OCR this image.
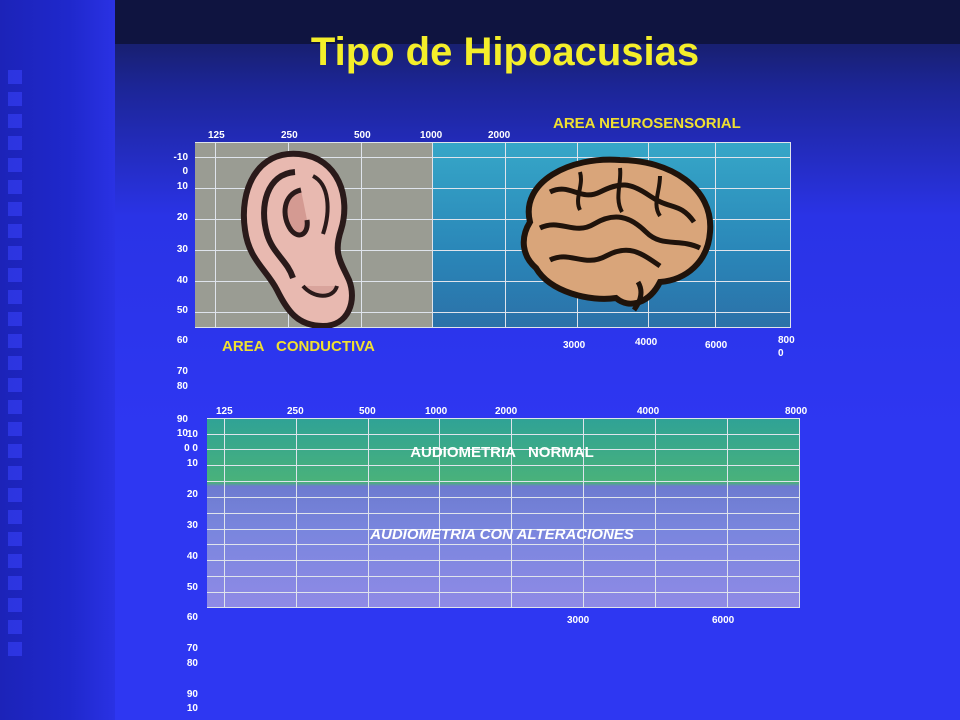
Tipo de Hipoacusias
AREA NEUROSENSORIAL
125	250	500	1000	2000
-10
0
10
20
30
40
50
60
70
80
90
10
AREA CONDUCTIVA	3000	4000	6000	800
0
125	250	500	1000	2000	4000	8000
10
0 0
10
20
30
40
50
60
70
80
90
10
AUDIOMETRIA   NORMAL
AUDIOMETRIA CON ALTERACIONES
3000	6000
